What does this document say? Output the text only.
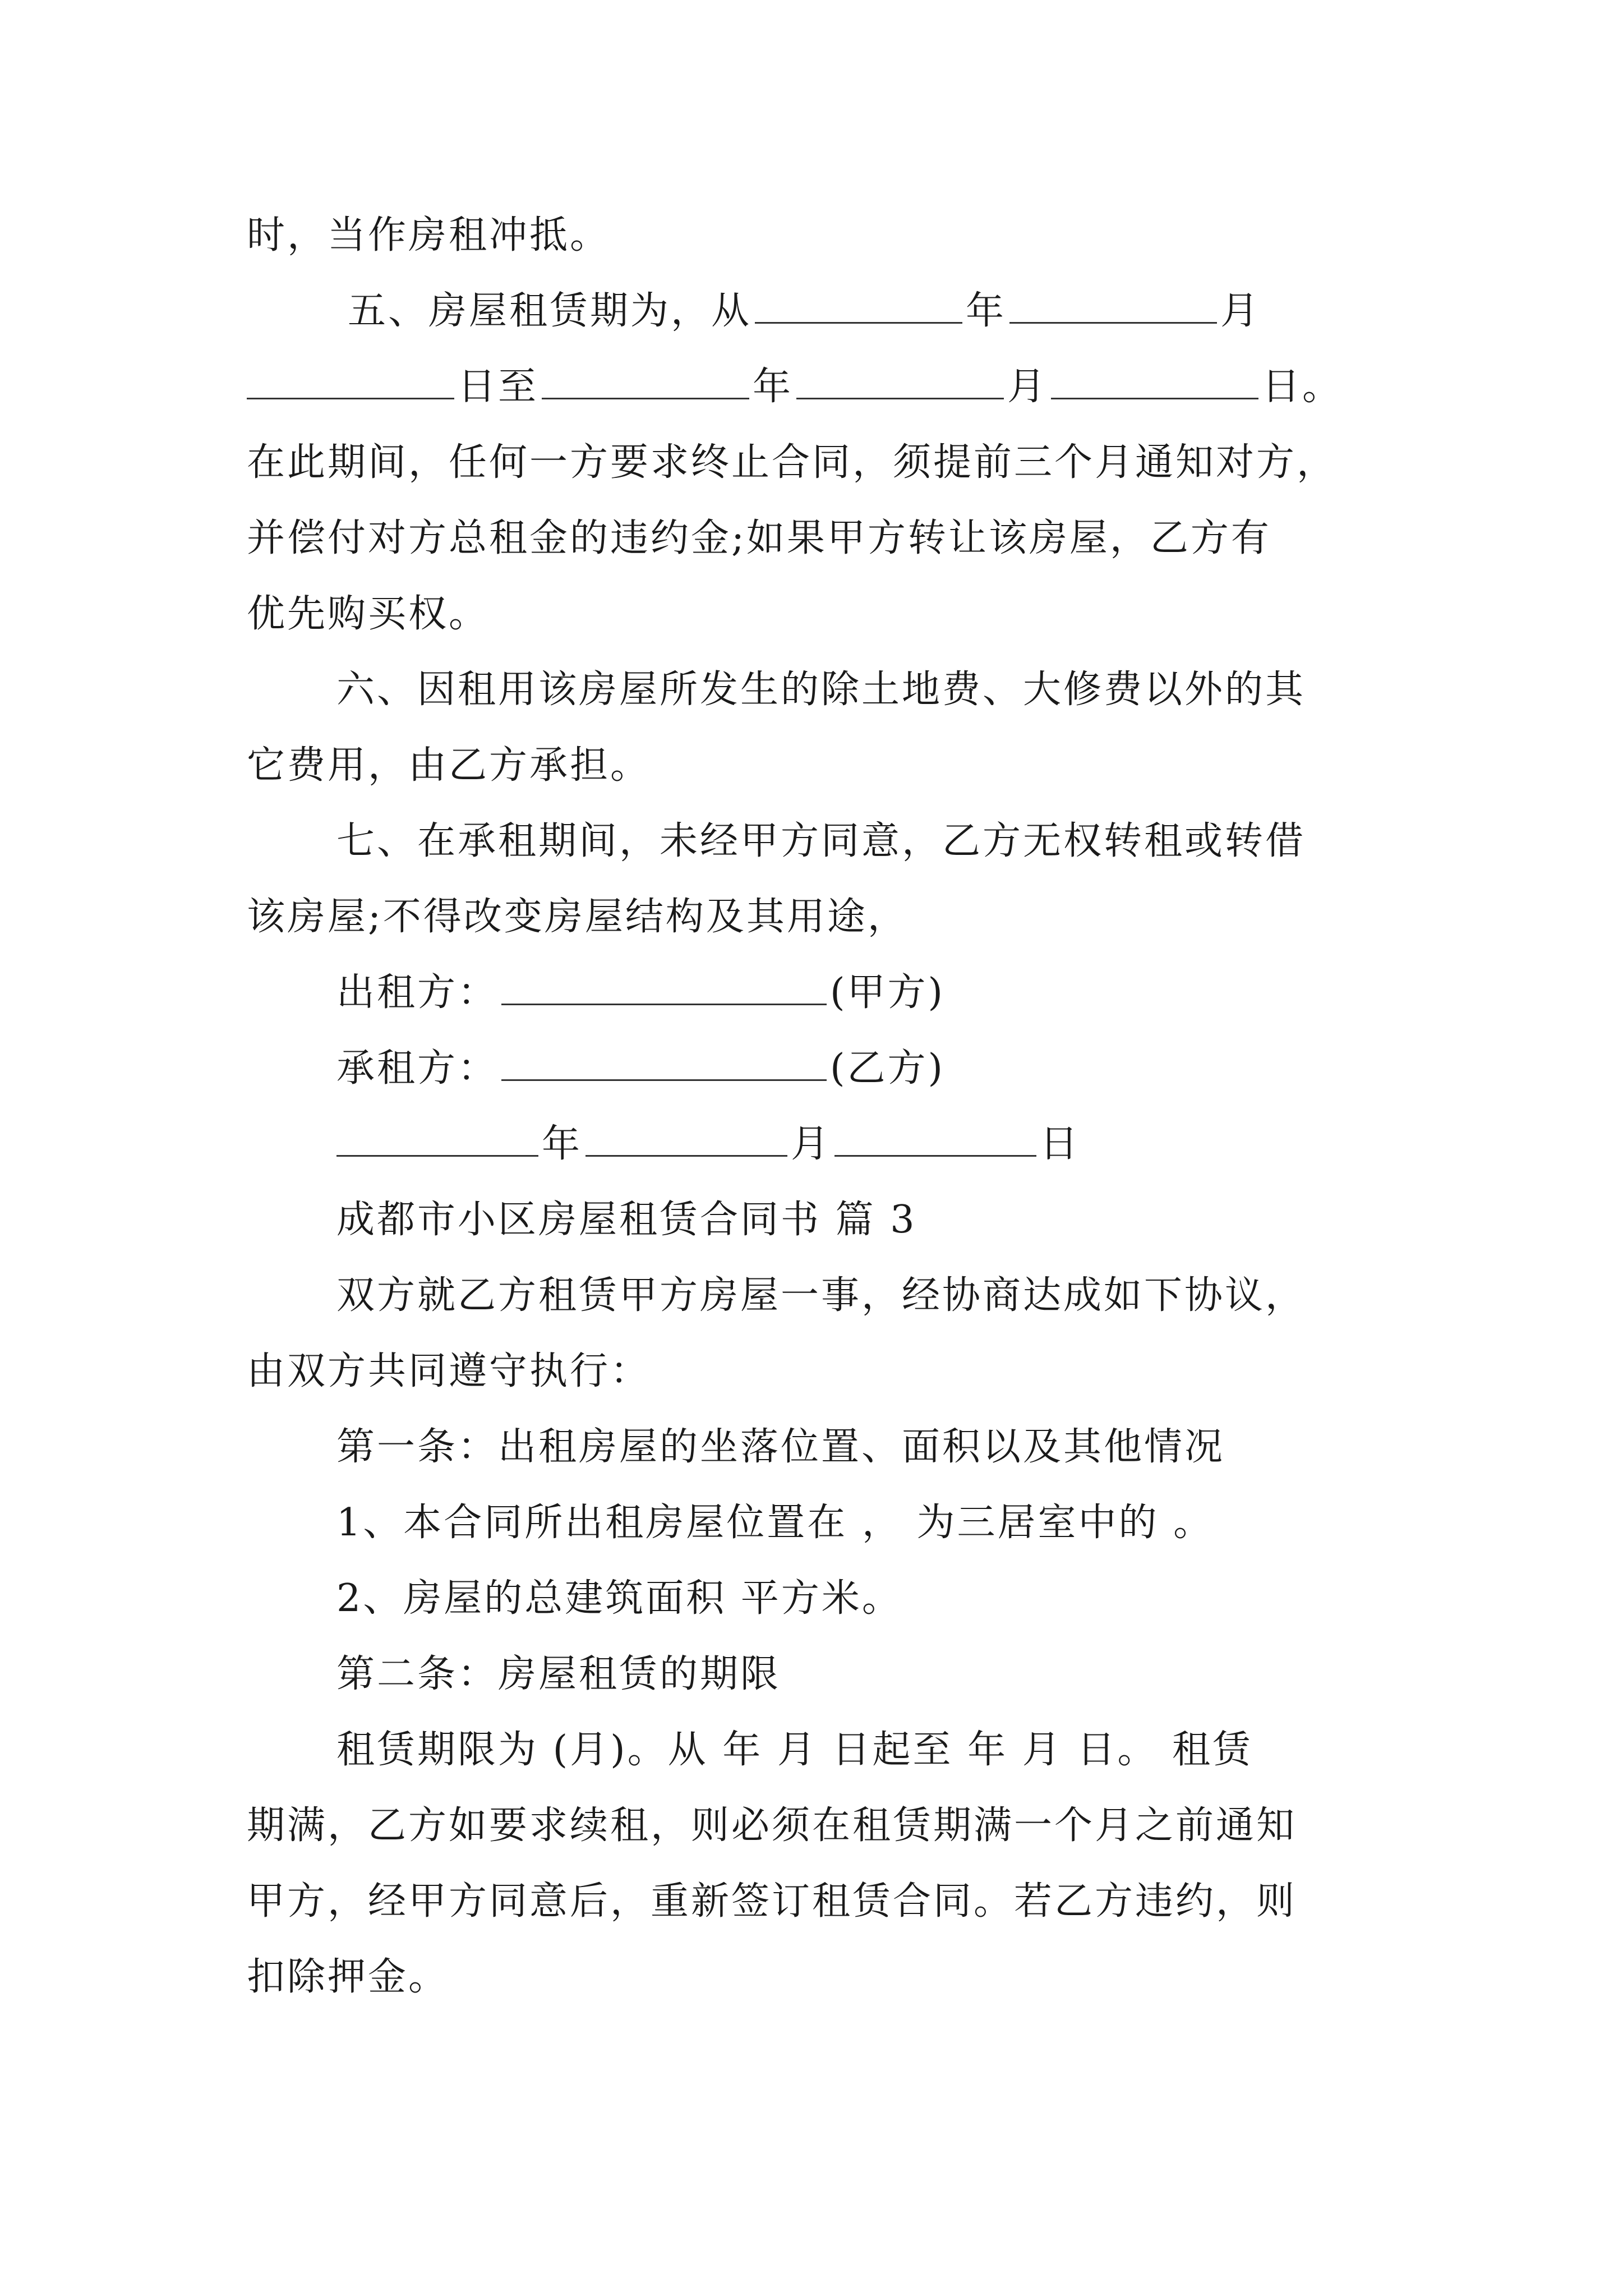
时，当作房租冲抵。
五、房屋租赁期为，从	年	月
日至	年	月	日。
在此期间，任何一方要求终止合同，须提前三个月通知对方，
并偿付对方总租金的违约金;如果甲方转让该房屋，乙方有
优先购买权。
六、因租用该房屋所发生的除土地费、大修费以外的其
它费用，由乙方承担。
七、在承租期间，未经甲方同意，乙方无权转租或转借
该房屋;不得改变房屋结构及其用途，
出租方：	(甲方)
承租方：	(乙方)
年	月	日
成都市小区房屋租赁合同书 篇 3
双方就乙方租赁甲方房屋一事，经协商达成如下协议，
由双方共同遵守执行：
第一条：出租房屋的坐落位置、面积以及其他情况
1、本合同所出租房屋位置在 ， 为三居室中的 。
2、房屋的总建筑面积 平方米。
第二条：房屋租赁的期限
租赁期限为 (月)。从 年 月 日起至 年 月 日。 租赁
期满，乙方如要求续租，则必须在租赁期满一个月之前通知
甲方，经甲方同意后，重新签订租赁合同。若乙方违约，则
扣除押金。
